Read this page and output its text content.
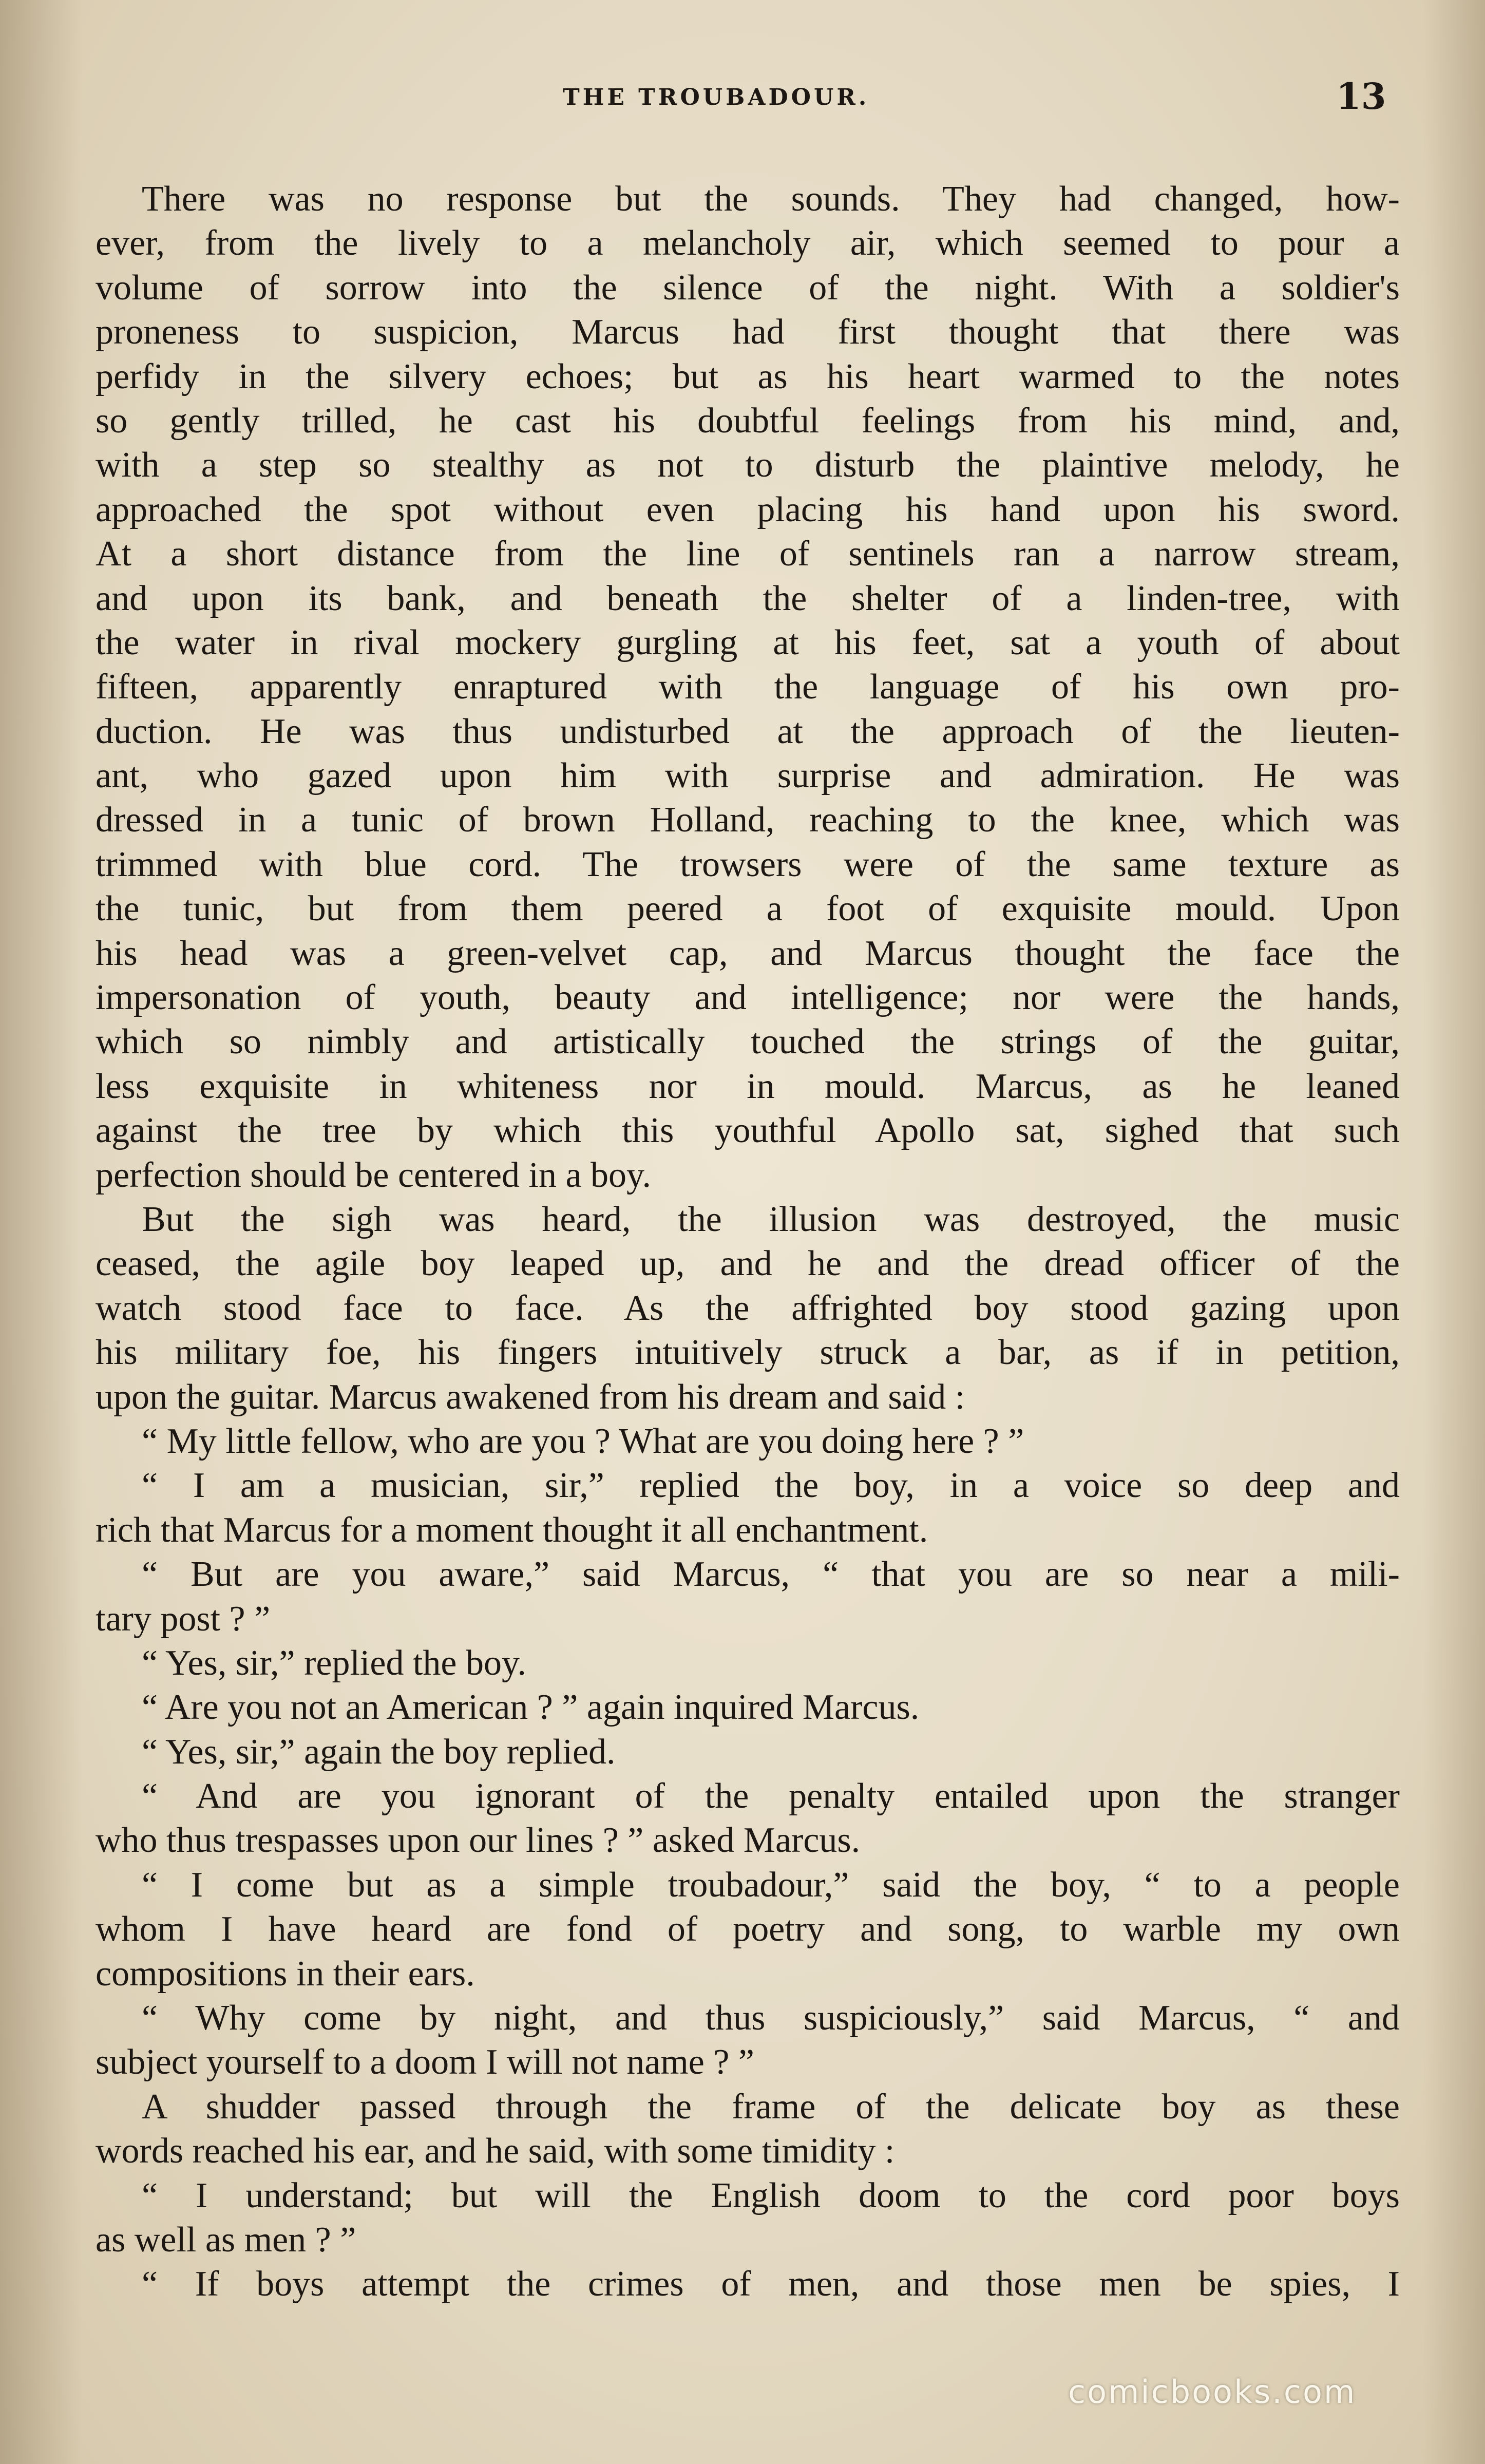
THE TROUBADOUR.	13
There was no response but the sounds. They had changed, how-
ever, from the lively to a melancholy air, which seemed to pour a
volume of sorrow into the silence of the night. With a soldier's
proneness to suspicion, Marcus had first thought that there was
perfidy in the silvery echoes; but as his heart warmed to the notes
so gently trilled, he cast his doubtful feelings from his mind, and,
with a step so stealthy as not to disturb the plaintive melody, he
approached the spot without even placing his hand upon his sword.
At a short distance from the line of sentinels ran a narrow stream,
and upon its bank, and beneath the shelter of a linden-tree, with
the water in rival mockery gurgling at his feet, sat a youth of about
fifteen, apparently enraptured with the language of his own pro-
duction. He was thus undisturbed at the approach of the lieuten-
ant, who gazed upon him with surprise and admiration. He was
dressed in a tunic of brown Holland, reaching to the knee, which was
trimmed with blue cord. The trowsers were of the same texture as
the tunic, but from them peered a foot of exquisite mould. Upon
his head was a green-velvet cap, and Marcus thought the face the
impersonation of youth, beauty and intelligence; nor were the hands,
which so nimbly and artistically touched the strings of the guitar,
less exquisite in whiteness nor in mould. Marcus, as he leaned
against the tree by which this youthful Apollo sat, sighed that such
perfection should be centered in a boy.
But the sigh was heard, the illusion was destroyed, the music
ceased, the agile boy leaped up, and he and the dread officer of the
watch stood face to face. As the affrighted boy stood gazing upon
his military foe, his fingers intuitively struck a bar, as if in petition,
upon the guitar. Marcus awakened from his dream and said :
“ My little fellow, who are you ? What are you doing here ? ”
“ I am a musician, sir,” replied the boy, in a voice so deep and
rich that Marcus for a moment thought it all enchantment.
“ But are you aware,” said Marcus, “ that you are so near a mili-
tary post ? ”
“ Yes, sir,” replied the boy.
“ Are you not an American ? ” again inquired Marcus.
“ Yes, sir,” again the boy replied.
“ And are you ignorant of the penalty entailed upon the stranger
who thus trespasses upon our lines ? ” asked Marcus.
“ I come but as a simple troubadour,” said the boy, “ to a people
whom I have heard are fond of poetry and song, to warble my own
compositions in their ears.
“ Why come by night, and thus suspiciously,” said Marcus, “ and
subject yourself to a doom I will not name ? ”
A shudder passed through the frame of the delicate boy as these
words reached his ear, and he said, with some timidity :
“ I understand; but will the English doom to the cord poor boys
as well as men ? ”
“ If boys attempt the crimes of men, and those men be spies, I
comicbooks.com
